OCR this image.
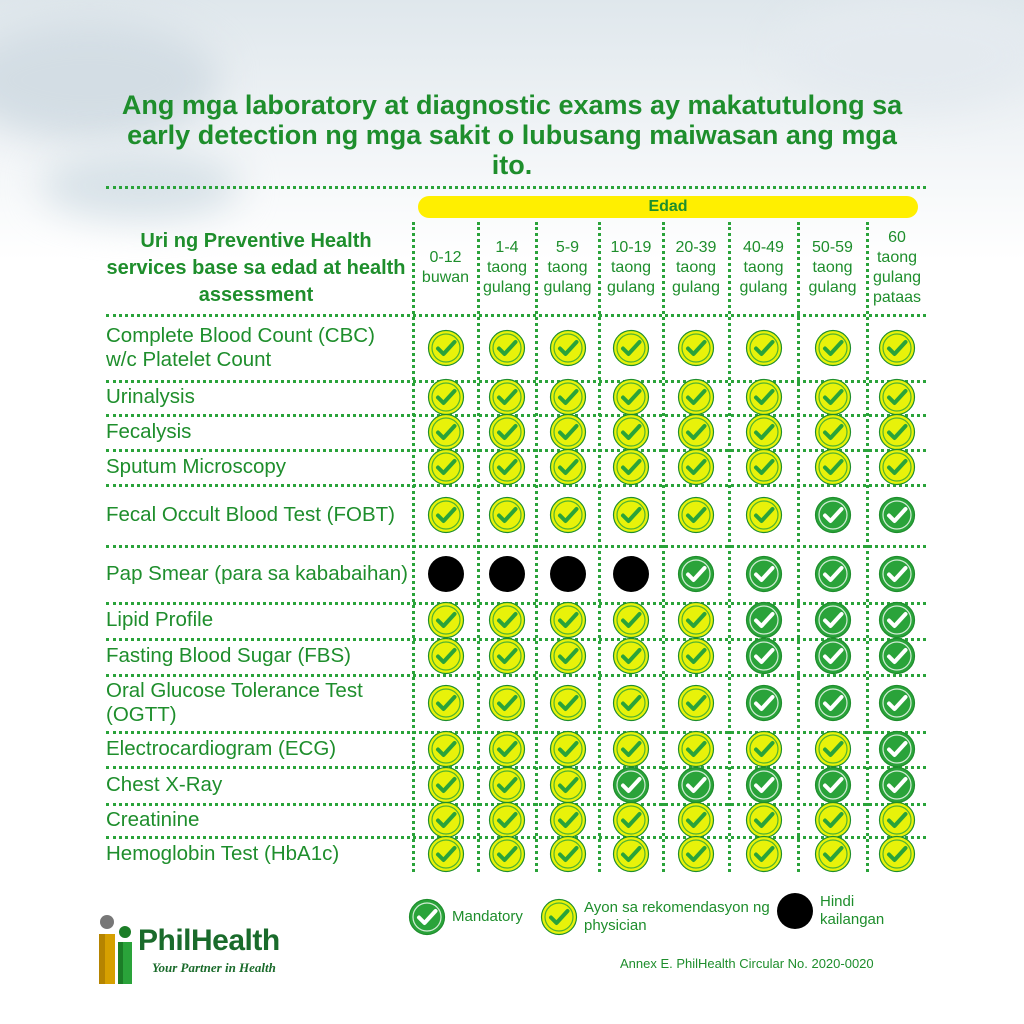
Ang mga laboratory at diagnostic exams ay makatutulong sa early detection ng mga sakit o lubusang maiwasan ang mga ito.
0-12
buwan
1-4
taong
gulang
5-9
taong
gulang
10-19
taong
gulang
20-39
taong
gulang
40-49
taong
gulang
50-59
taong
gulang
60
taong
gulang
pataas
Complete Blood Count (CBC) w/c Platelet Count
Urinalysis
Fecalysis
Sputum Microscopy
Fecal Occult Blood Test (FOBT)
Pap Smear (para sa kababaihan)
Lipid Profile
Fasting Blood Sugar (FBS)
Oral Glucose Tolerance Test (OGTT)
Electrocardiogram (ECG)
Chest X-Ray
Creatinine
Hemoglobin Test (HbA1c)
Edad
Uri ng Preventive Health services base sa edad at health assessment
Mandatory
Ayon sa rekomendasyon ng physician
Hindi kailangan
PhilHealth
Your Partner in Health	Annex E. PhilHealth Circular No. 2020-0020
